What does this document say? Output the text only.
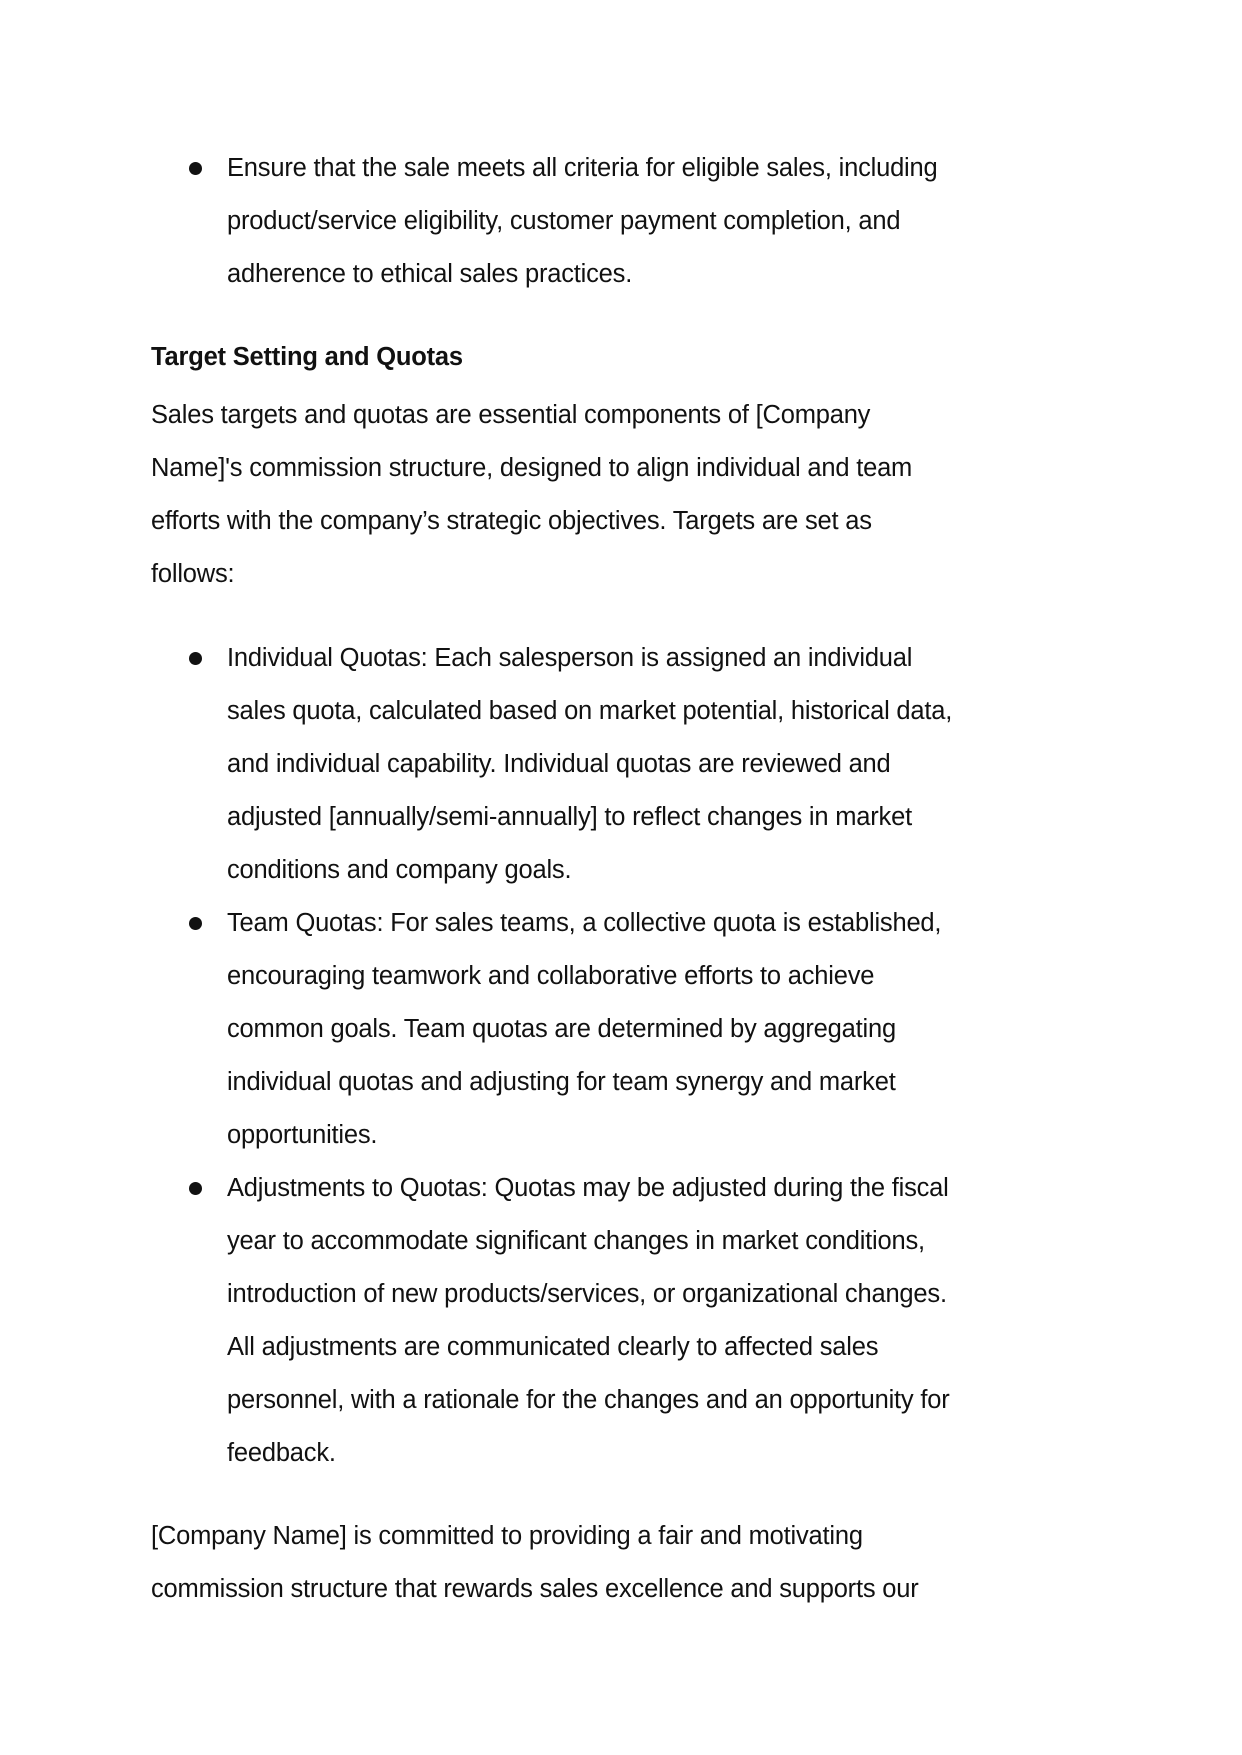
Ensure that the sale meets all criteria for eligible sales, including
product/service eligibility, customer payment completion, and
adherence to ethical sales practices.
Target Setting and Quotas
Sales targets and quotas are essential components of [Company
Name]'s commission structure, designed to align individual and team
efforts with the company’s strategic objectives. Targets are set as
follows:
Individual Quotas: Each salesperson is assigned an individual
sales quota, calculated based on market potential, historical data,
and individual capability. Individual quotas are reviewed and
adjusted [annually/semi-annually] to reflect changes in market
conditions and company goals.
Team Quotas: For sales teams, a collective quota is established,
encouraging teamwork and collaborative efforts to achieve
common goals. Team quotas are determined by aggregating
individual quotas and adjusting for team synergy and market
opportunities.
Adjustments to Quotas: Quotas may be adjusted during the fiscal
year to accommodate significant changes in market conditions,
introduction of new products/services, or organizational changes.
All adjustments are communicated clearly to affected sales
personnel, with a rationale for the changes and an opportunity for
feedback.
[Company Name] is committed to providing a fair and motivating
commission structure that rewards sales excellence and supports our
